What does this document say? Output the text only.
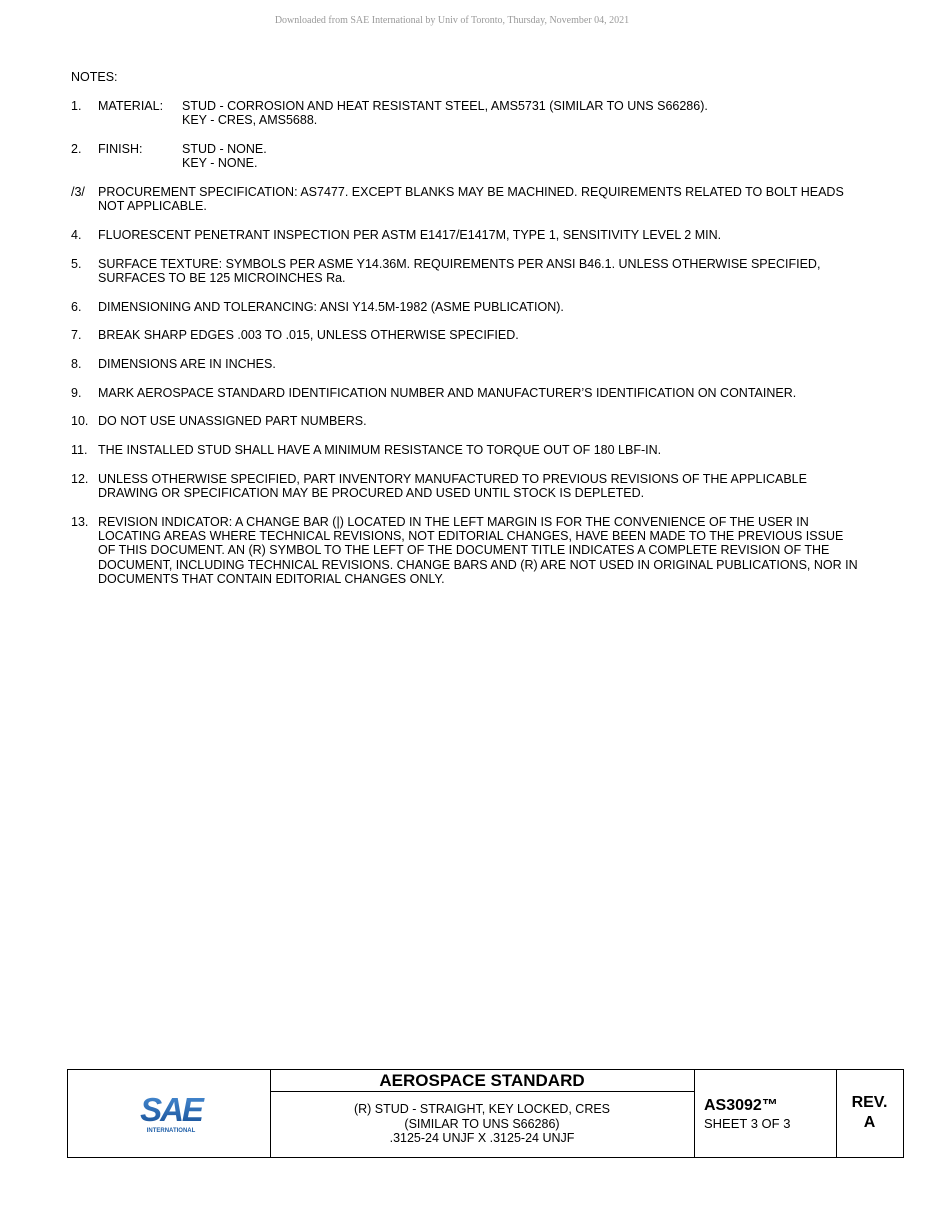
Downloaded from SAE International by Univ of Toronto, Thursday, November 04, 2021
NOTES:
1. MATERIAL: STUD - CORROSION AND HEAT RESISTANT STEEL, AMS5731 (SIMILAR TO UNS S66286).
KEY - CRES, AMS5688.
2. FINISH:	STUD - NONE.
KEY - NONE.
/3/ PROCUREMENT SPECIFICATION: AS7477. EXCEPT BLANKS MAY BE MACHINED. REQUIREMENTS RELATED TO BOLT HEADS NOT APPLICABLE.
4. FLUORESCENT PENETRANT INSPECTION PER ASTM E1417/E1417M, TYPE 1, SENSITIVITY LEVEL 2 MIN.
5. SURFACE TEXTURE: SYMBOLS PER ASME Y14.36M. REQUIREMENTS PER ANSI B46.1. UNLESS OTHERWISE SPECIFIED, SURFACES TO BE 125 MICROINCHES Ra.
6. DIMENSIONING AND TOLERANCING: ANSI Y14.5M-1982 (ASME PUBLICATION).
7. BREAK SHARP EDGES .003 TO .015, UNLESS OTHERWISE SPECIFIED.
8. DIMENSIONS ARE IN INCHES.
9. MARK AEROSPACE STANDARD IDENTIFICATION NUMBER AND MANUFACTURER’S IDENTIFICATION ON CONTAINER.
10. DO NOT USE UNASSIGNED PART NUMBERS.
11. THE INSTALLED STUD SHALL HAVE A MINIMUM RESISTANCE TO TORQUE OUT OF 180 LBF-IN.
12. UNLESS OTHERWISE SPECIFIED, PART INVENTORY MANUFACTURED TO PREVIOUS REVISIONS OF THE APPLICABLE DRAWING OR SPECIFICATION MAY BE PROCURED AND USED UNTIL STOCK IS DEPLETED.
13. REVISION INDICATOR: A CHANGE BAR (|) LOCATED IN THE LEFT MARGIN IS FOR THE CONVENIENCE OF THE USER IN LOCATING AREAS WHERE TECHNICAL REVISIONS, NOT EDITORIAL CHANGES, HAVE BEEN MADE TO THE PREVIOUS ISSUE OF THIS DOCUMENT. AN (R) SYMBOL TO THE LEFT OF THE DOCUMENT TITLE INDICATES A COMPLETE REVISION OF THE DOCUMENT, INCLUDING TECHNICAL REVISIONS. CHANGE BARS AND (R) ARE NOT USED IN ORIGINAL PUBLICATIONS, NOR IN DOCUMENTS THAT CONTAIN EDITORIAL CHANGES ONLY.
SAE
INTERNATIONAL
AEROSPACE STANDARD
(R) STUD - STRAIGHT, KEY LOCKED, CRES
(SIMILAR TO UNS S66286)
.3125-24 UNJF X .3125-24 UNJF
AS3092™
SHEET 3 OF 3
REV.
A
